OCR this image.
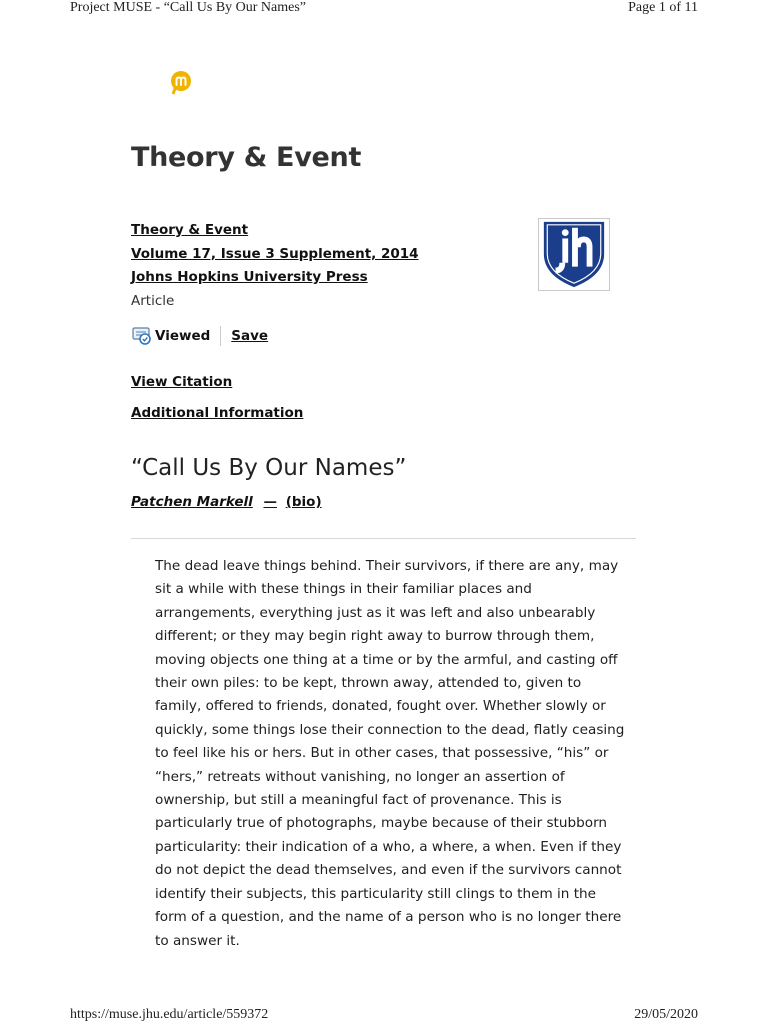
Project MUSE - “Call Us By Our Names”	Page 1 of 11
Theory & Event
Theory & Event
Volume 17, Issue 3 Supplement, 2014
Johns Hopkins University Press
Article
Viewed Save
View Citation
Additional Information
“Call Us By Our Names”
Patchen Markell — (bio)

The dead leave things behind. Their survivors, if there are any, may sit a while with these things in their familiar places and arrangements, everything just as it was left and also unbearably different; or they may begin right away to burrow through them, moving objects one thing at a time or by the armful, and casting off their own piles: to be kept, thrown away, attended to, given to family, offered to friends, donated, fought over. Whether slowly or quickly, some things lose their connection to the dead, flatly ceasing to feel like his or hers. But in other cases, that possessive, “his” or “hers,” retreats without vanishing, no longer an assertion of ownership, but still a meaningful fact of provenance. This is particularly true of photographs, maybe because of their stubborn particularity: their indication of a who, a where, a when. Even if they do not depict the dead themselves, and even if the survivors cannot identify their subjects, this particularity still clings to them in the form of a question, and the name of a person who is no longer there to answer it.

https://muse.jhu.edu/article/559372	29/05/2020
